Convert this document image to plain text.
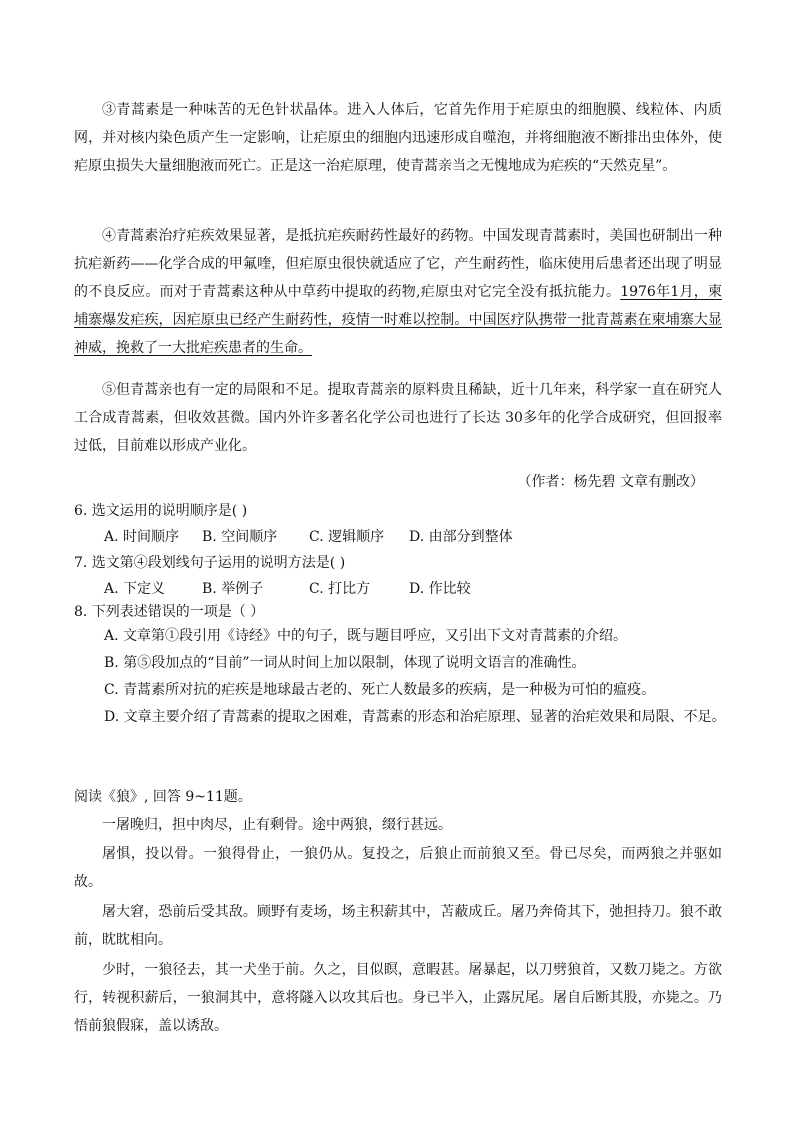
③青蒿素是一种味苦的无色针状晶体。进入人体后，它首先作用于疟原虫的细胞膜、线粒体、内质网，并对核内染色质产生一定影响，让疟原虫的细胞内迅速形成自噬泡，并将细胞液不断排出虫体外，使疟原虫损失大量细胞液而死亡。正是这一治疟原理，使青蒿亲当之无愧地成为疟疾的“天然克星”。

④青蒿素治疗疟疾效果显著，是抵抗疟疾耐药性最好的药物。中国发现青蒿素时，美国也研制出一种抗疟新药——化学合成的甲氟喹，但疟原虫很快就适应了它，产生耐药性，临床使用后患者还出现了明显的不良反应。而对于青蒿素这种从中草药中提取的药物,疟原虫对它完全没有抵抗能力。1976年1月，柬埔寨爆发疟疾，因疟原虫已经产生耐药性，疫情一时难以控制。中国医疗队携带一批青蒿素在柬埔寨大显神威，挽救了一大批疟疾患者的生命。

⑤但青蒿亲也有一定的局限和不足。提取青蒿亲的原料贵且稀缺，近十几年来，科学家一直在研究人工合成青蒿素，但收效甚微。国内外许多著名化学公司也进行了长达 30多年的化学合成研究，但回报率过低，目前难以形成产业化。

（作者：杨先碧 文章有删改）

6. 选文运用的说明顺序是( )

A. 时间顺序	B. 空间顺序	C. 逻辑顺序	D. 由部分到整体

7. 选文第④段划线句子运用的说明方法是( )

A. 下定义	B. 举例子	C. 打比方	D. 作比较

8. 下列表述错误的一项是（ ）

A. 文章第①段引用《诗经》中的句子，既与题目呼应，又引出下文对青蒿素的介绍。

B. 第⑤段加点的“目前”一词从时间上加以限制，体现了说明文语言的准确性。

C. 青蒿素所对抗的疟疾是地球最古老的、死亡人数最多的疾病，是一种极为可怕的瘟疫。

D. 文章主要介绍了青蒿素的提取之困难，青蒿素的形态和治疟原理、显著的治疟效果和局限、不足。

阅读《狼》, 回答 9~11题。

一屠晚归，担中肉尽，止有剩骨。途中两狼，缀行甚远。

屠惧，投以骨。一狼得骨止，一狼仍从。复投之，后狼止而前狼又至。骨已尽矣，而两狼之并驱如故。

屠大窘，恐前后受其敌。顾野有麦场，场主积薪其中，苫蔽成丘。屠乃奔倚其下，弛担持刀。狼不敢前，眈眈相向。

少时，一狼径去，其一犬坐于前。久之，目似瞑，意暇甚。屠暴起，以刀劈狼首，又数刀毙之。方欲行，转视积薪后，一狼洞其中，意将隧入以攻其后也。身已半入，止露尻尾。屠自后断其股，亦毙之。乃悟前狼假寐，盖以诱敌。
